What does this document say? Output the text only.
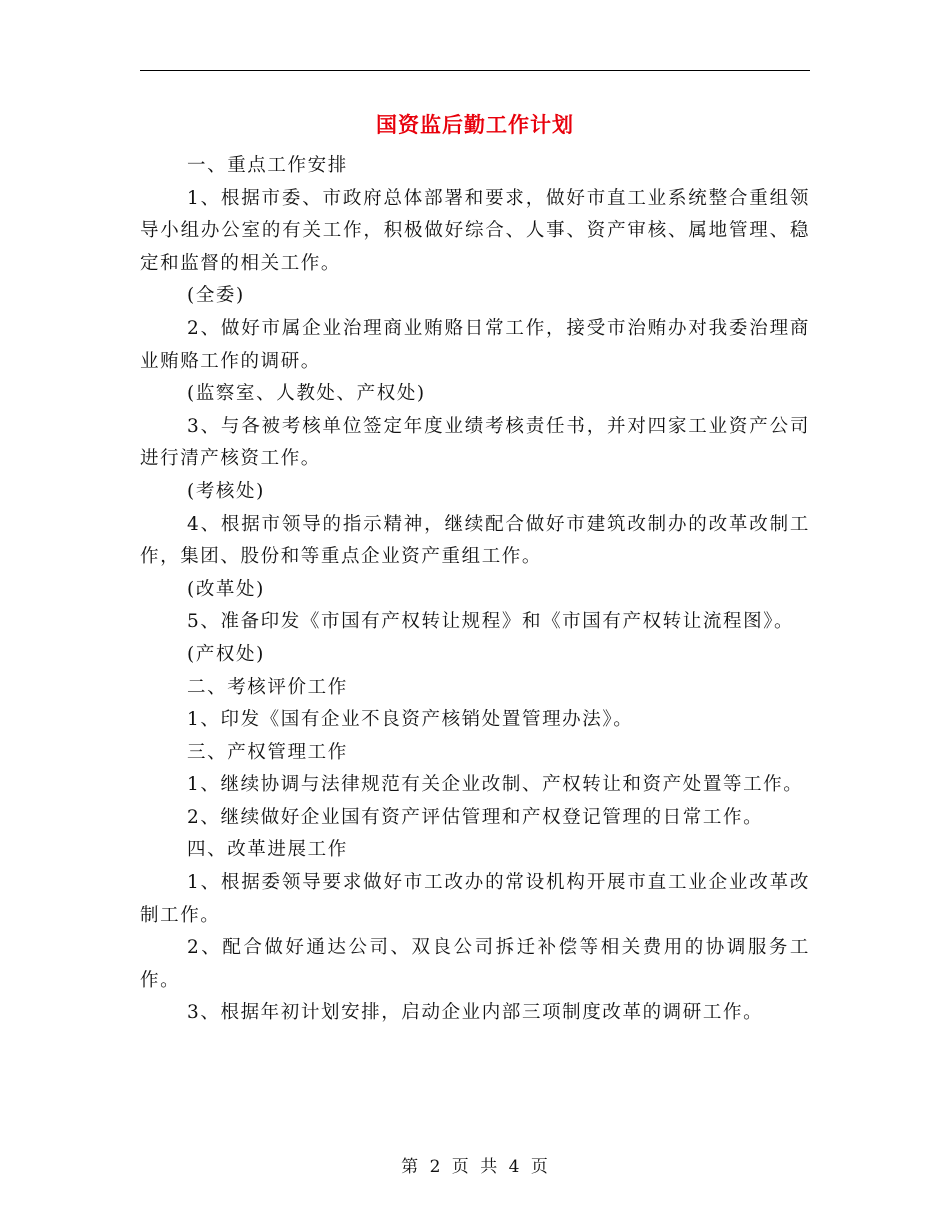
国资监后勤工作计划

一、重点工作安排

1、根据市委、市政府总体部署和要求，做好市直工业系统整合重组领导小组办公室的有关工作，积极做好综合、人事、资产审核、属地管理、稳定和监督的相关工作。

(全委)

2、做好市属企业治理商业贿赂日常工作，接受市治贿办对我委治理商业贿赂工作的调研。

(监察室、人教处、产权处)

3、与各被考核单位签定年度业绩考核责任书，并对四家工业资产公司进行清产核资工作。

(考核处)

4、根据市领导的指示精神，继续配合做好市建筑改制办的改革改制工作，集团、股份和等重点企业资产重组工作。

(改革处)

5、准备印发《市国有产权转让规程》和《市国有产权转让流程图》。

(产权处)

二、考核评价工作

1、印发《国有企业不良资产核销处置管理办法》。

三、产权管理工作

1、继续协调与法律规范有关企业改制、产权转让和资产处置等工作。

2、继续做好企业国有资产评估管理和产权登记管理的日常工作。

四、改革进展工作

1、根据委领导要求做好市工改办的常设机构开展市直工业企业改革改制工作。

2、配合做好通达公司、双良公司拆迁补偿等相关费用的协调服务工作。

3、根据年初计划安排，启动企业内部三项制度改革的调研工作。

第 2 页 共 4 页
